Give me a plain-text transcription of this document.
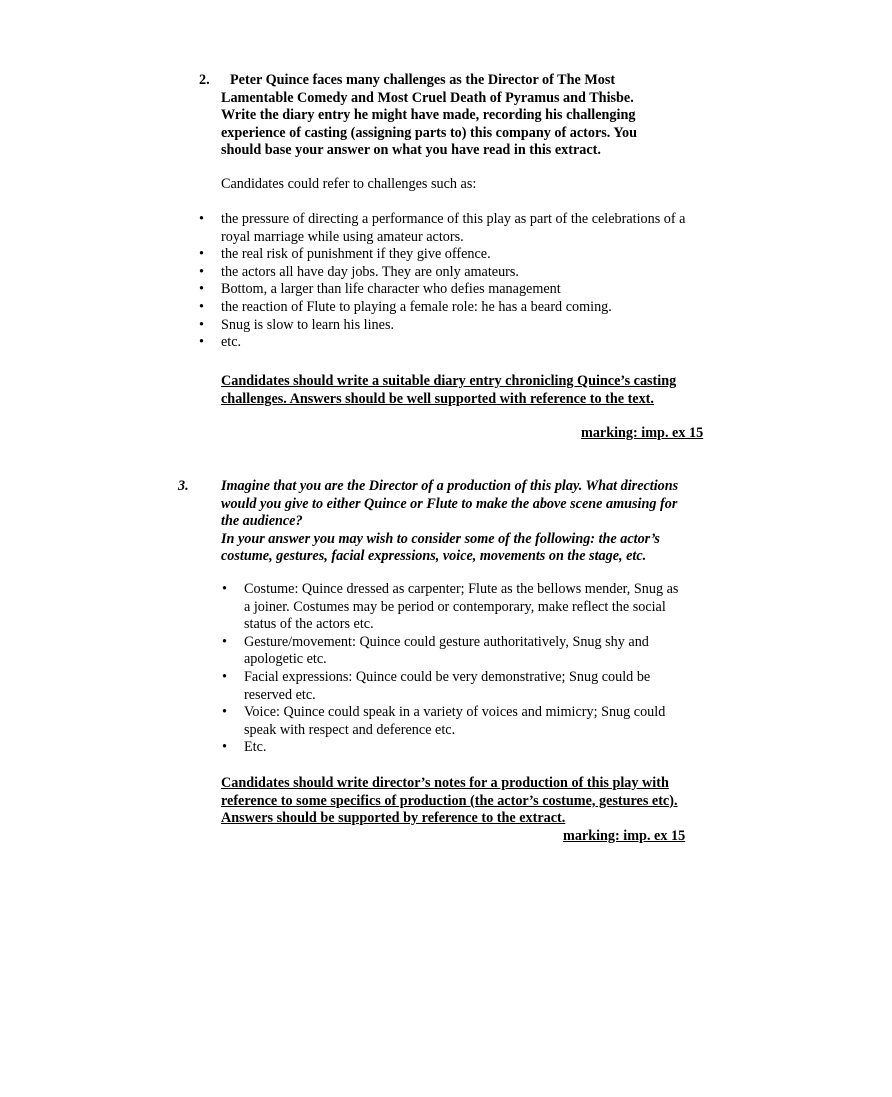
2.	Peter Quince faces many challenges as the Director of The Most
Lamentable Comedy and Most Cruel Death of Pyramus and Thisbe.
Write the diary entry he might have made, recording his challenging
experience of casting (assigning parts to) this company of actors. You
should base your answer on what you have read in this extract.
Candidates could refer to challenges such as:
• the pressure of directing a performance of this play as part of the celebrations of a
royal marriage while using amateur actors.
• the real risk of punishment if they give offence.
• the actors all have day jobs. They are only amateurs.
• Bottom, a larger than life character who defies management
• the reaction of Flute to playing a female role: he has a beard coming.
• Snug is slow to learn his lines.
• etc.
Candidates should write a suitable diary entry chronicling Quince’s casting
challenges. Answers should be well supported with reference to the text.
marking: imp. ex 15
3. Imagine that you are the Director of a production of this play. What directions
would you give to either Quince or Flute to make the above scene amusing for
the audience?
In your answer you may wish to consider some of the following: the actor’s
costume, gestures, facial expressions, voice, movements on the stage, etc.
• Costume: Quince dressed as carpenter; Flute as the bellows mender, Snug as
a joiner. Costumes may be period or contemporary, make reflect the social
status of the actors etc.
• Gesture/movement: Quince could gesture authoritatively, Snug shy and
apologetic etc.
• Facial expressions: Quince could be very demonstrative; Snug could be
reserved etc.
• Voice: Quince could speak in a variety of voices and mimicry; Snug could
speak with respect and deference etc.
• Etc.
Candidates should write director’s notes for a production of this play with
reference to some specifics of production (the actor’s costume, gestures etc).
Answers should be supported by reference to the extract.
marking: imp. ex 15
